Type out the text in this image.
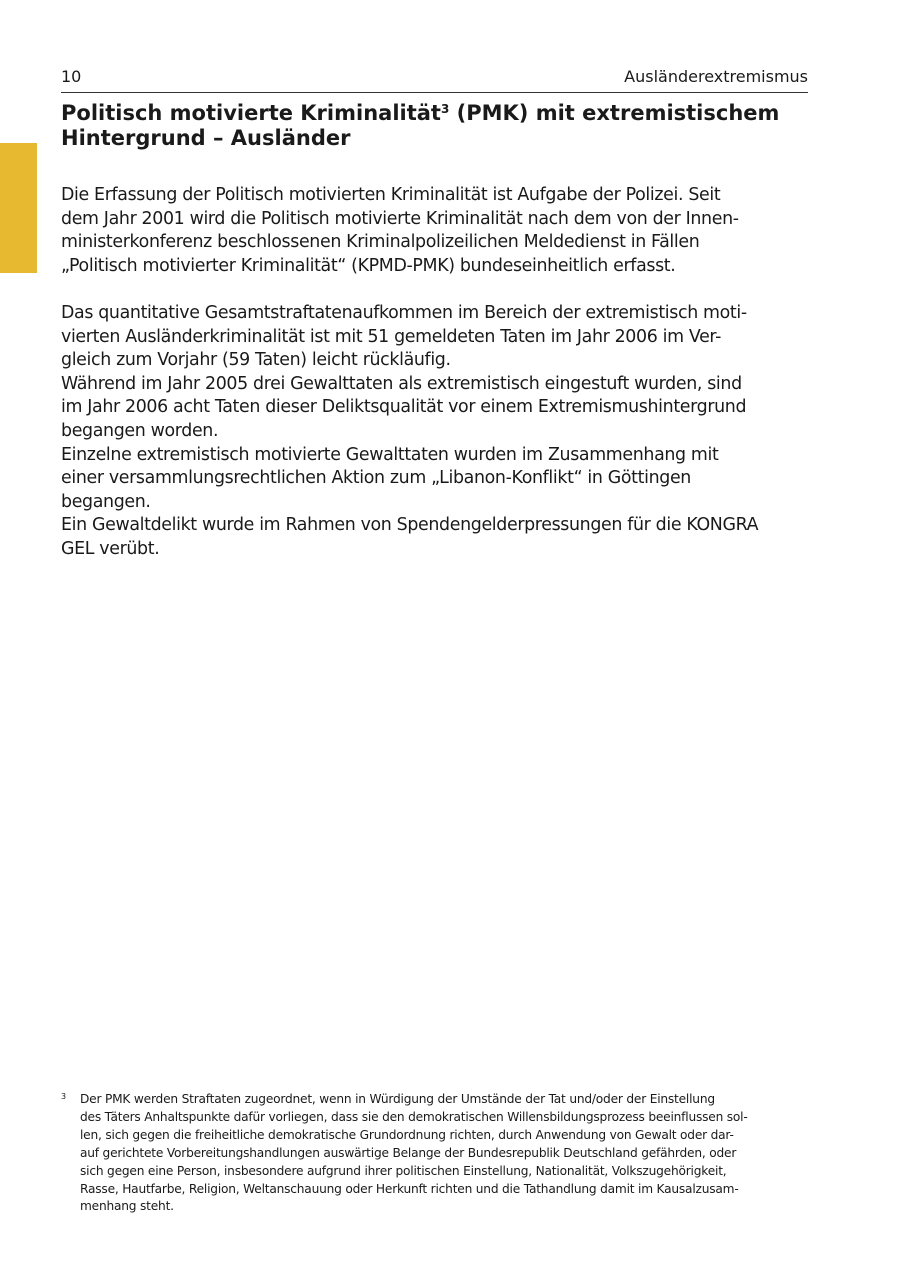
10	Ausländerextremismus
Politisch motivierte Kriminalität$^3$ (PMK) mit extremistischem
Hintergrund – Ausländer

Die Erfassung der Politisch motivierten Kriminalität ist Aufgabe der Polizei. Seit
dem Jahr 2001 wird die Politisch motivierte Kriminalität nach dem von der Innen-
ministerkonferenz beschlossenen Kriminalpolizeilichen Meldedienst in Fällen
„Politisch motivierter Kriminalität“ (KPMD-PMK) bundeseinheitlich erfasst.

Das quantitative Gesamtstraftatenaufkommen im Bereich der extremistisch moti-
vierten Ausländerkriminalität ist mit 51 gemeldeten Taten im Jahr 2006 im Ver-
gleich zum Vorjahr (59 Taten) leicht rückläufig.

Während im Jahr 2005 drei Gewalttaten als extremistisch eingestuft wurden, sind
im Jahr 2006 acht Taten dieser Deliktsqualität vor einem Extremismushintergrund
begangen worden.

Einzelne extremistisch motivierte Gewalttaten wurden im Zusammenhang mit
einer versammlungsrechtlichen Aktion zum „Libanon-Konflikt“ in Göttingen
begangen.

Ein Gewaltdelikt wurde im Rahmen von Spendengelderpressungen für die KONGRA
GEL verübt.

3 Der PMK werden Straftaten zugeordnet, wenn in Würdigung der Umstände der Tat und/oder der Einstellung
des Täters Anhaltspunkte dafür vorliegen, dass sie den demokratischen Willensbildungsprozess beeinflussen sol-
len, sich gegen die freiheitliche demokratische Grundordnung richten, durch Anwendung von Gewalt oder dar-
auf gerichtete Vorbereitungshandlungen auswärtige Belange der Bundesrepublik Deutschland gefährden, oder
sich gegen eine Person, insbesondere aufgrund ihrer politischen Einstellung, Nationalität, Volkszugehörigkeit,
Rasse, Hautfarbe, Religion, Weltanschauung oder Herkunft richten und die Tathandlung damit im Kausalzusam-
menhang steht.
